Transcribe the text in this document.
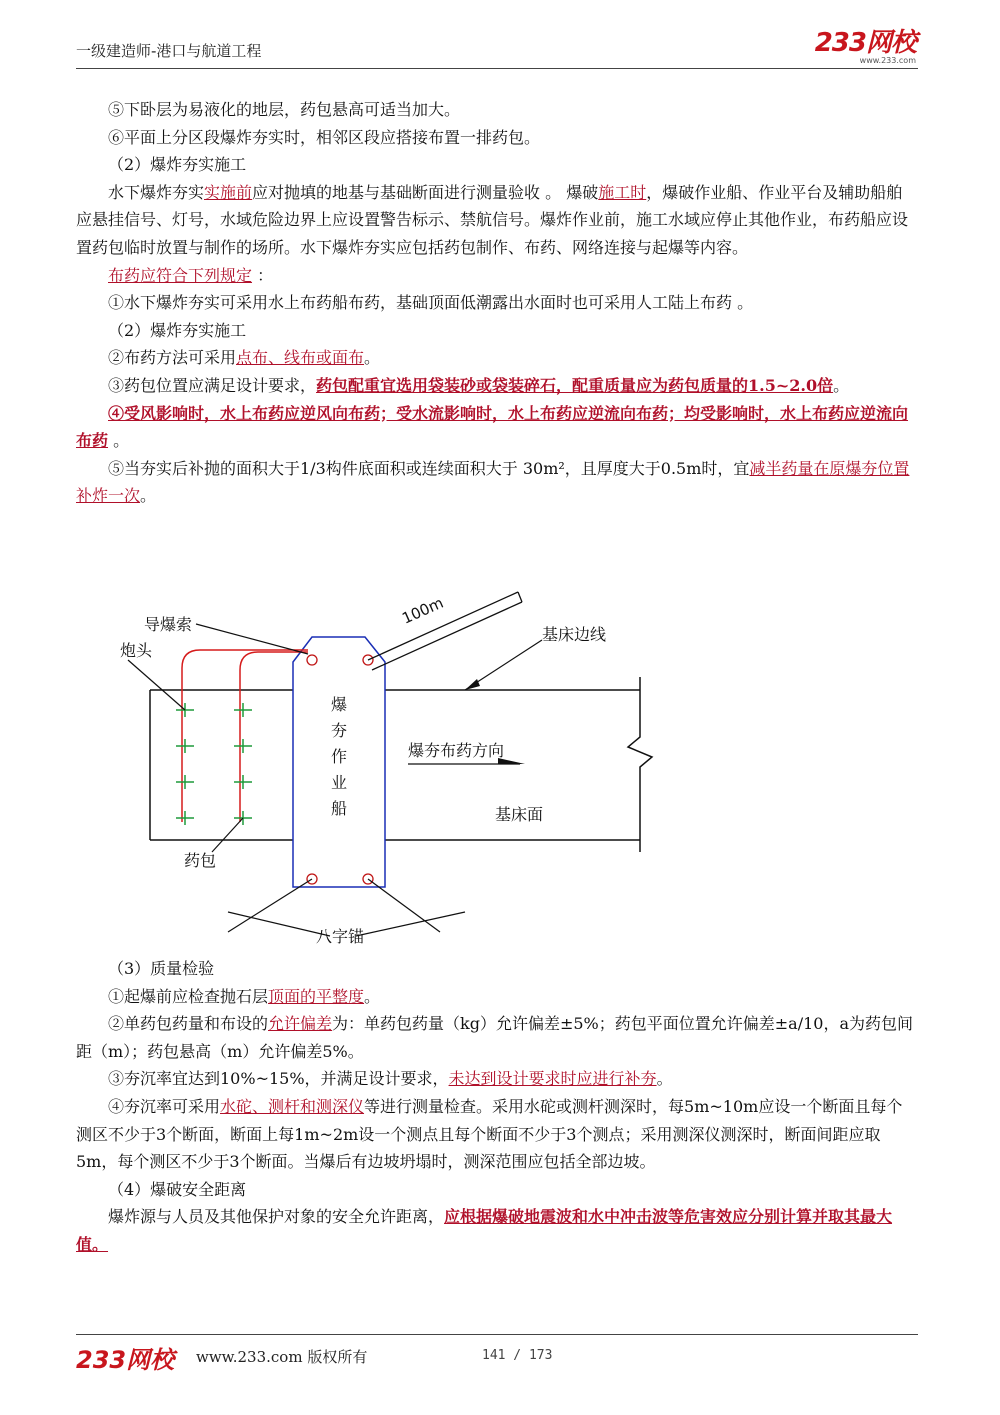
一级建造师-港口与航道工程	233网校
www.233.com

⑤下卧层为易液化的地层，药包悬高可适当加大。

⑥平面上分区段爆炸夯实时，相邻区段应搭接布置一排药包。

（2）爆炸夯实施工

水下爆炸夯实实施前应对抛填的地基与基础断面进行测量验收 。 爆破施工时，爆破作业船、作业平台及辅助船舶应悬挂信号、灯号，水域危险边界上应设置警告标示、禁航信号。爆炸作业前，施工水域应停止其他作业，布药船应设置药包临时放置与制作的场所。水下爆炸夯实应包括药包制作、布药、网络连接与起爆等内容。

布药应符合下列规定 ：

①水下爆炸夯实可采用水上布药船布药，基础顶面低潮露出水面时也可采用人工陆上布药 。

（2）爆炸夯实施工

②布药方法可采用点布、线布或面布。

③药包位置应满足设计要求，药包配重宜选用袋装砂或袋装碎石，配重质量应为药包质量的1.5~2.0倍。

④受风影响时，水上布药应逆风向布药；受水流影响时，水上布药应逆流向布药；均受影响时，水上布药应逆流向布药 。

⑤当夯实后补抛的面积大于1/3构件底面积或连续面积大于 30m²，且厚度大于0.5m时，宜减半药量在原爆夯位置补炸一次。

爆
夯
作
业
船
100m
导爆索
炮头
基床边线
爆夯布药方向
基床面
药包
八字锚

（3）质量检验

①起爆前应检查抛石层顶面的平整度。

②单药包药量和布设的允许偏差为：单药包药量（kg）允许偏差±5%；药包平面位置允许偏差±a/10，a为药包间距（m）；药包悬高（m）允许偏差5%。

③夯沉率宜达到10%~15%，并满足设计要求，未达到设计要求时应进行补夯。

④夯沉率可采用水砣、测杆和测深仪等进行测量检查。采用水砣或测杆测深时，每5m~10m应设一个断面且每个测区不少于3个断面，断面上每1m~2m设一个测点且每个断面不少于3个测点；采用测深仪测深时，断面间距应取5m，每个测区不少于3个断面。当爆后有边坡坍塌时，测深范围应包括全部边坡。

（4）爆破安全距离

爆炸源与人员及其他保护对象的安全允许距离，应根据爆破地震波和水中冲击波等危害效应分别计算并取其最大值。

233网校 www.233.com 版权所有	141 / 173
